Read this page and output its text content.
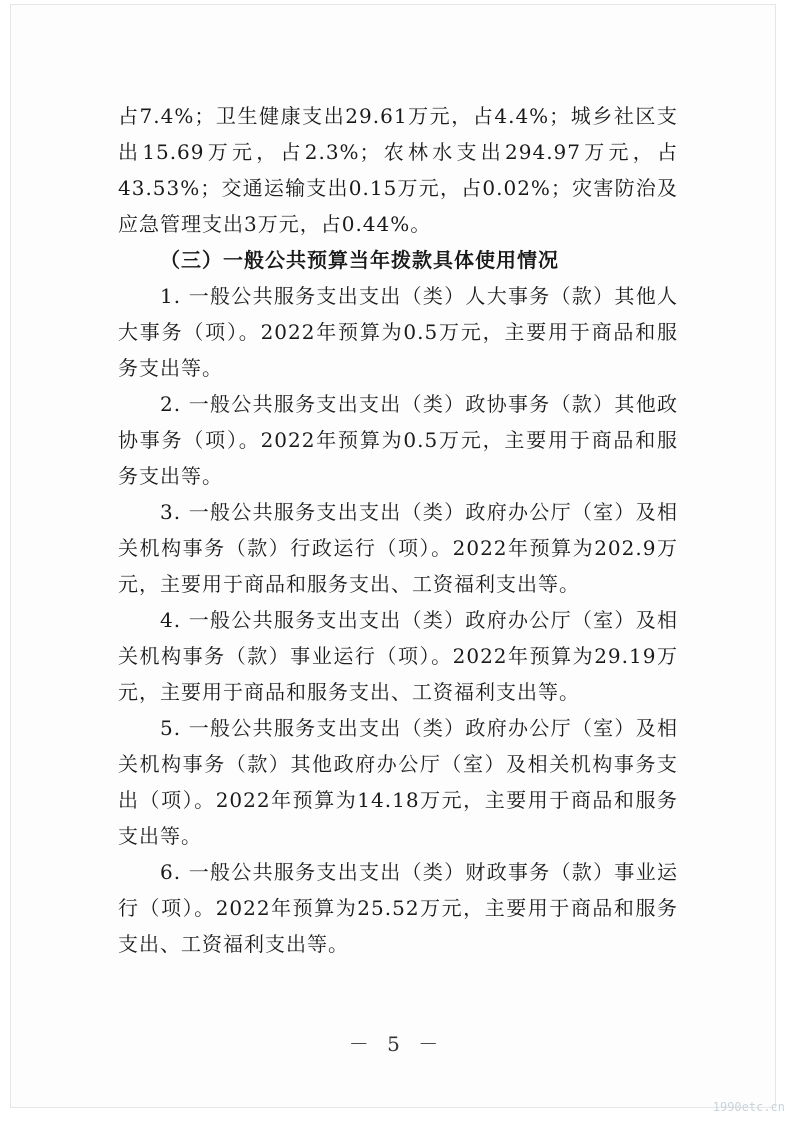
占7.4%；卫生健康支出29.61万元，占4.4%；城乡社区支出15.69万元，占2.3%；农林水支出294.97万元，占43.53%；交通运输支出0.15万元，占0.02%；灾害防治及应急管理支出3万元，占0.44%。

（三）一般公共预算当年拨款具体使用情况

1. 一般公共服务支出支出（类）人大事务（款）其他人大事务（项）。2022年预算为0.5万元，主要用于商品和服务支出等。

2. 一般公共服务支出支出（类）政协事务（款）其他政协事务（项）。2022年预算为0.5万元，主要用于商品和服务支出等。

3. 一般公共服务支出支出（类）政府办公厅（室）及相关机构事务（款）行政运行（项）。2022年预算为202.9万元，主要用于商品和服务支出、工资福利支出等。

4. 一般公共服务支出支出（类）政府办公厅（室）及相关机构事务（款）事业运行（项）。2022年预算为29.19万元，主要用于商品和服务支出、工资福利支出等。

5. 一般公共服务支出支出（类）政府办公厅（室）及相关机构事务（款）其他政府办公厅（室）及相关机构事务支出（项）。2022年预算为14.18万元，主要用于商品和服务支出等。

6. 一般公共服务支出支出（类）财政事务（款）事业运行（项）。2022年预算为25.52万元，主要用于商品和服务支出、工资福利支出等。

－ 5 －
1990etc.cn
